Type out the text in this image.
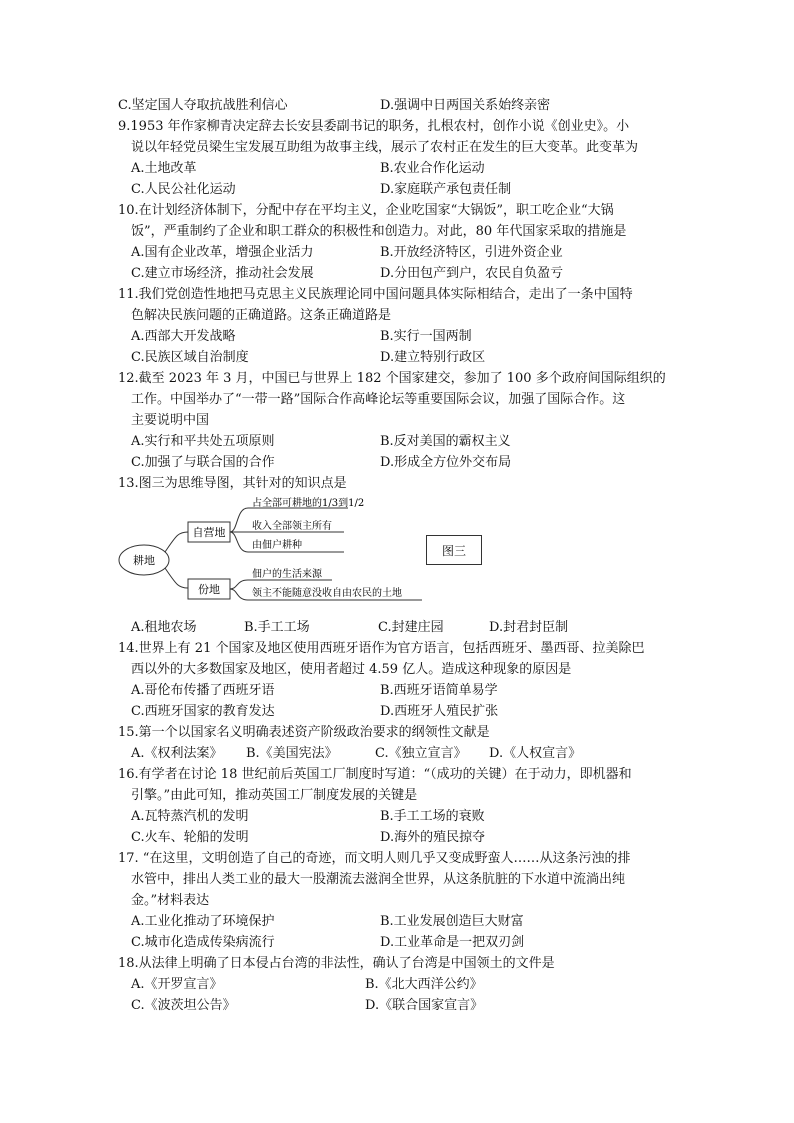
C.坚定国人夺取抗战胜利信心	D.强调中日两国关系始终亲密
9.1953 年作家柳青决定辞去长安县委副书记的职务，扎根农村，创作小说《创业史》。小
说以年轻党员梁生宝发展互助组为故事主线，展示了农村正在发生的巨大变革。此变革为
A.土地改革	B.农业合作化运动
C.人民公社化运动	D.家庭联产承包责任制
10.在计划经济体制下，分配中存在平均主义，企业吃国家“大锅饭”，职工吃企业“大锅
饭”，严重制约了企业和职工群众的积极性和创造力。对此，80 年代国家采取的措施是
A.国有企业改革，增强企业活力	B.开放经济特区，引进外资企业
C.建立市场经济，推动社会发展	D.分田包产到户，农民自负盈亏
11.我们党创造性地把马克思主义民族理论同中国问题具体实际相结合，走出了一条中国特
色解决民族问题的正确道路。这条正确道路是
A.西部大开发战略	B.实行一国两制
C.民族区域自治制度	D.建立特别行政区
12.截至 2023 年 3 月，中国已与世界上 182 个国家建交，参加了 100 多个政府间国际组织的
工作。中国举办了“一带一路”国际合作高峰论坛等重要国际会议，加强了国际合作。这
主要说明中国
A.实行和平共处五项原则	B.反对美国的霸权主义
C.加强了与联合国的合作	D.形成全方位外交布局
13.图三为思维导图，其针对的知识点是
耕地
自营地
占全部可耕地的1/3到1/2
收入全部领主所有
由佃户耕种
份地
佃户的生活来源
领主不能随意没收自由农民的土地
图三
A.租地农场	B.手工工场	C.封建庄园	D.封君封臣制
14.世界上有 21 个国家及地区使用西班牙语作为官方语言，包括西班牙、墨西哥、拉美除巴
西以外的大多数国家及地区，使用者超过 4.59 亿人。造成这种现象的原因是
A.哥伦布传播了西班牙语	B.西班牙语简单易学
C.西班牙国家的教育发达	D.西班牙人殖民扩张
15.第一个以国家名义明确表述资产阶级政治要求的纲领性文献是
A.《权利法案》 B.《美国宪法》	C.《独立宣言》 D.《人权宣言》
16.有学者在讨论 18 世纪前后英国工厂制度时写道：“（成功的关键）在于动力，即机器和
引擎。”由此可知，推动英国工厂制度发展的关键是
A.瓦特蒸汽机的发明	B.手工工场的衰败
C.火车、轮船的发明	D.海外的殖民掠夺
17. “在这里，文明创造了自己的奇迹，而文明人则几乎又变成野蛮人……从这条污浊的排
水管中，排出人类工业的最大一股潮流去滋润全世界，从这条肮脏的下水道中流淌出纯
金。”材料表达
A.工业化推动了环境保护	B.工业发展创造巨大财富
C.城市化造成传染病流行	D.工业革命是一把双刃剑
18.从法律上明确了日本侵占台湾的非法性，确认了台湾是中国领土的文件是
A.《开罗宣言》	B.《北大西洋公约》
C.《波茨坦公告》	D.《联合国家宣言》
